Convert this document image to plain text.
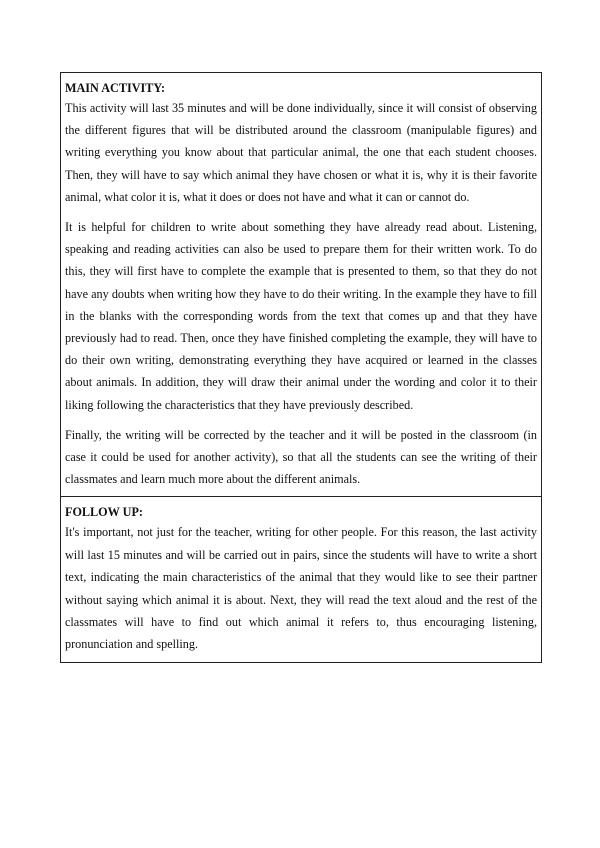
MAIN ACTIVITY:

This activity will last 35 minutes and will be done individually, since it will consist of observing the different figures that will be distributed around the classroom (manipulable figures) and writing everything you know about that particular animal, the one that each student chooses. Then, they will have to say which animal they have chosen or what it is, why it is their favorite animal, what color it is, what it does or does not have and what it can or cannot do.

It is helpful for children to write about something they have already read about. Listening, speaking and reading activities can also be used to prepare them for their written work. To do this, they will first have to complete the example that is presented to them, so that they do not have any doubts when writing how they have to do their writing. In the example they have to fill in the blanks with the corresponding words from the text that comes up and that they have previously had to read. Then, once they have finished completing the example, they will have to do their own writing, demonstrating everything they have acquired or learned in the classes about animals. In addition, they will draw their animal under the wording and color it to their liking following the characteristics that they have previously described.

Finally, the writing will be corrected by the teacher and it will be posted in the classroom (in case it could be used for another activity), so that all the students can see the writing of their classmates and learn much more about the different animals.

FOLLOW UP:

It's important, not just for the teacher, writing for other people. For this reason, the last activity will last 15 minutes and will be carried out in pairs, since the students will have to write a short text, indicating the main characteristics of the animal that they would like to see their partner without saying which animal it is about. Next, they will read the text aloud and the rest of the classmates will have to find out which animal it refers to, thus encouraging listening, pronunciation and spelling.
